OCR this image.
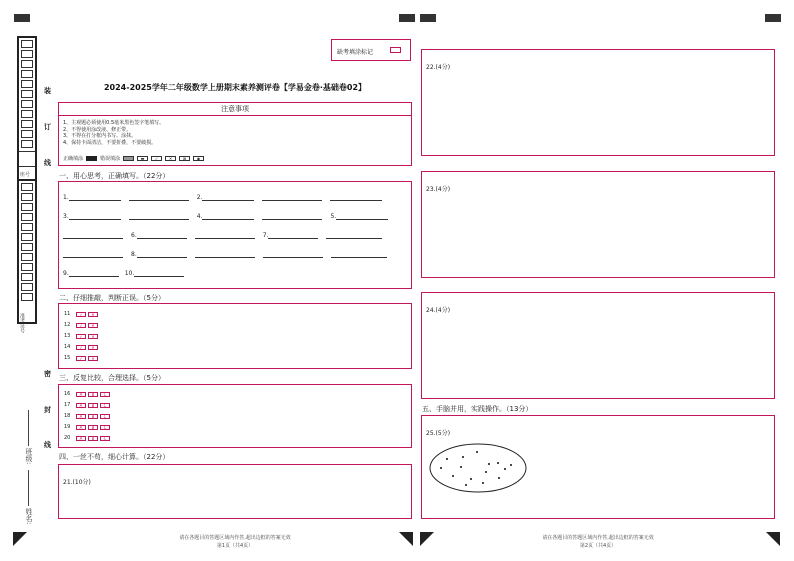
座号
准考证号
装
订
线
密
封
线
班级:
姓名:
缺考填涂标记
2024-2025学年二年级数学上册期末素养测评卷【学易金卷·基础卷02】
注意事项
1、主观题必须使用0.5毫米黑色签字笔填写。
2、不得使用涂改液、修正带。
3、不得在打分框内书写、涂抹。
4、保持卡面清洁，不要折叠，不要破损。
正确填涂	错误填涂	▬	✓	✕	⊠	◉
一、用心思考，正确填写。（22分）
1.	2.
3.	4.	5.
6.	7.
8.
9.	10.
二、仔细推敲，判断正误。（5分）
11	✓	✕
12	✓	✕
13	✓	✕
14	✓	✕
15	✓	✕
三、反复比较，合理选择。（5分）
16	A	B	C
17	A	B	C
18	A	B	C
19	A	B	C
20	A	B	C
四、一丝不苟，细心计算。（22分）
21.(10分)
22.(4分)
23.(4分)
24.(4分)
五、手脑并用，实践操作。（13分）
25.(5分)
请在各题目的答题区域内作答,超出边框的答案无效
第1页（共4页）
请在各题目的答题区域内作答,超出边框的答案无效
第2页（共4页）
